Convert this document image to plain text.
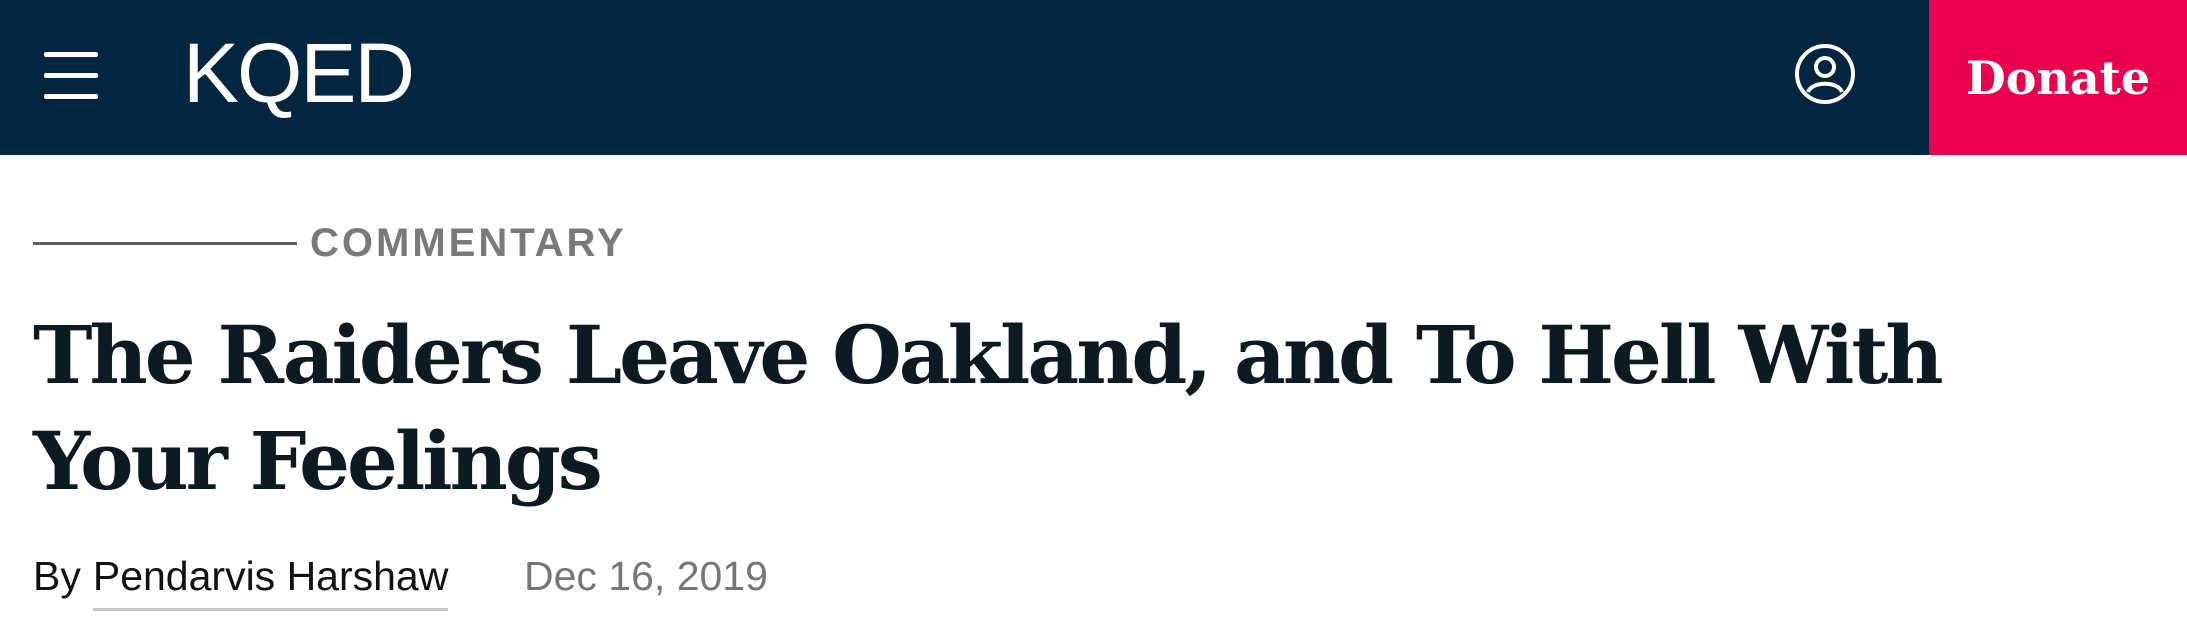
KQED	Donate
COMMENTARY
The Raiders Leave Oakland, and To Hell With Your Feelings
By Pendarvis Harshaw Dec 16, 2019
